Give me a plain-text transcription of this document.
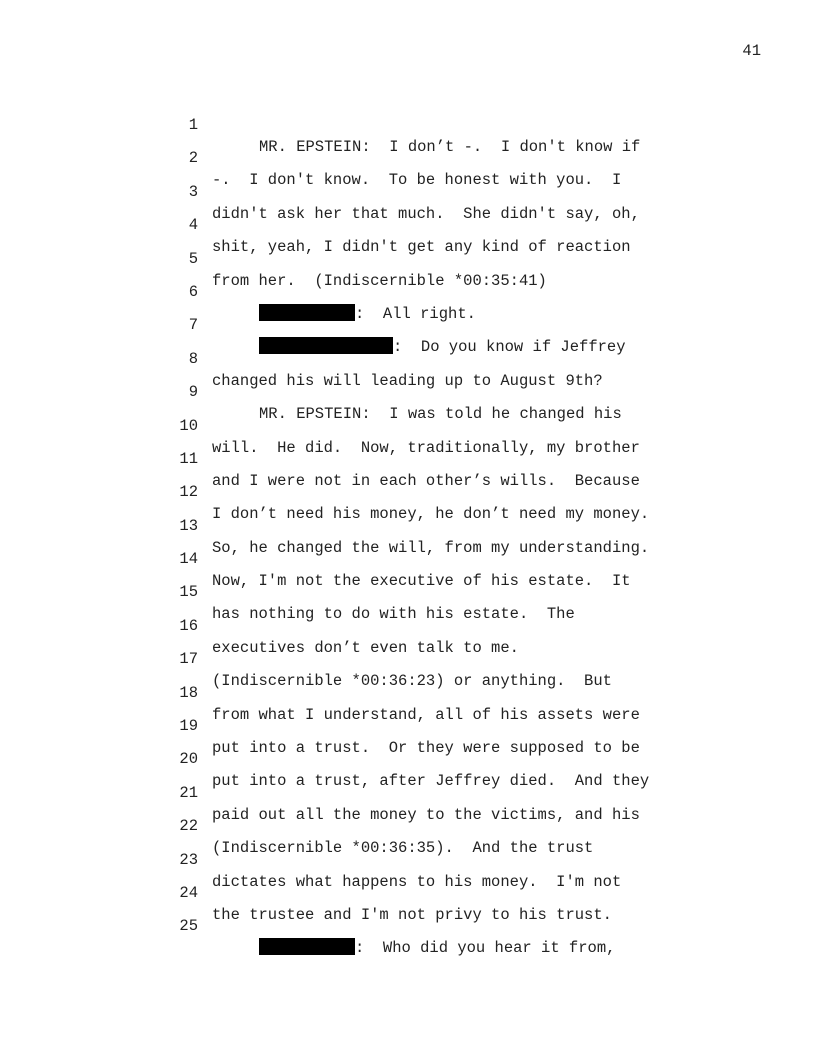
41

1

MR. EPSTEIN:  I don’t -.  I don't know if

2

-.  I don't know.  To be honest with you.  I

3

didn't ask her that much.  She didn't say, oh,

4

shit, yeah, I didn't get any kind of reaction

5

from her.  (Indiscernible *00:35:41)

6

:  All right.

7

:  Do you know if Jeffrey

8

changed his will leading up to August 9th?

9

MR. EPSTEIN:  I was told he changed his

10

will.  He did.  Now, traditionally, my brother

11

and I were not in each other’s wills.  Because

12

I don’t need his money, he don’t need my money.

13

So, he changed the will, from my understanding.

14

Now, I'm not the executive of his estate.  It

15

has nothing to do with his estate.  The

16

executives don’t even talk to me.

17

(Indiscernible *00:36:23) or anything.  But

18

from what I understand, all of his assets were

19

put into a trust.  Or they were supposed to be

20

put into a trust, after Jeffrey died.  And they

21

paid out all the money to the victims, and his

22

(Indiscernible *00:36:35).  And the trust

23

dictates what happens to his money.  I'm not

24

the trustee and I'm not privy to his trust.

25

:  Who did you hear it from,
